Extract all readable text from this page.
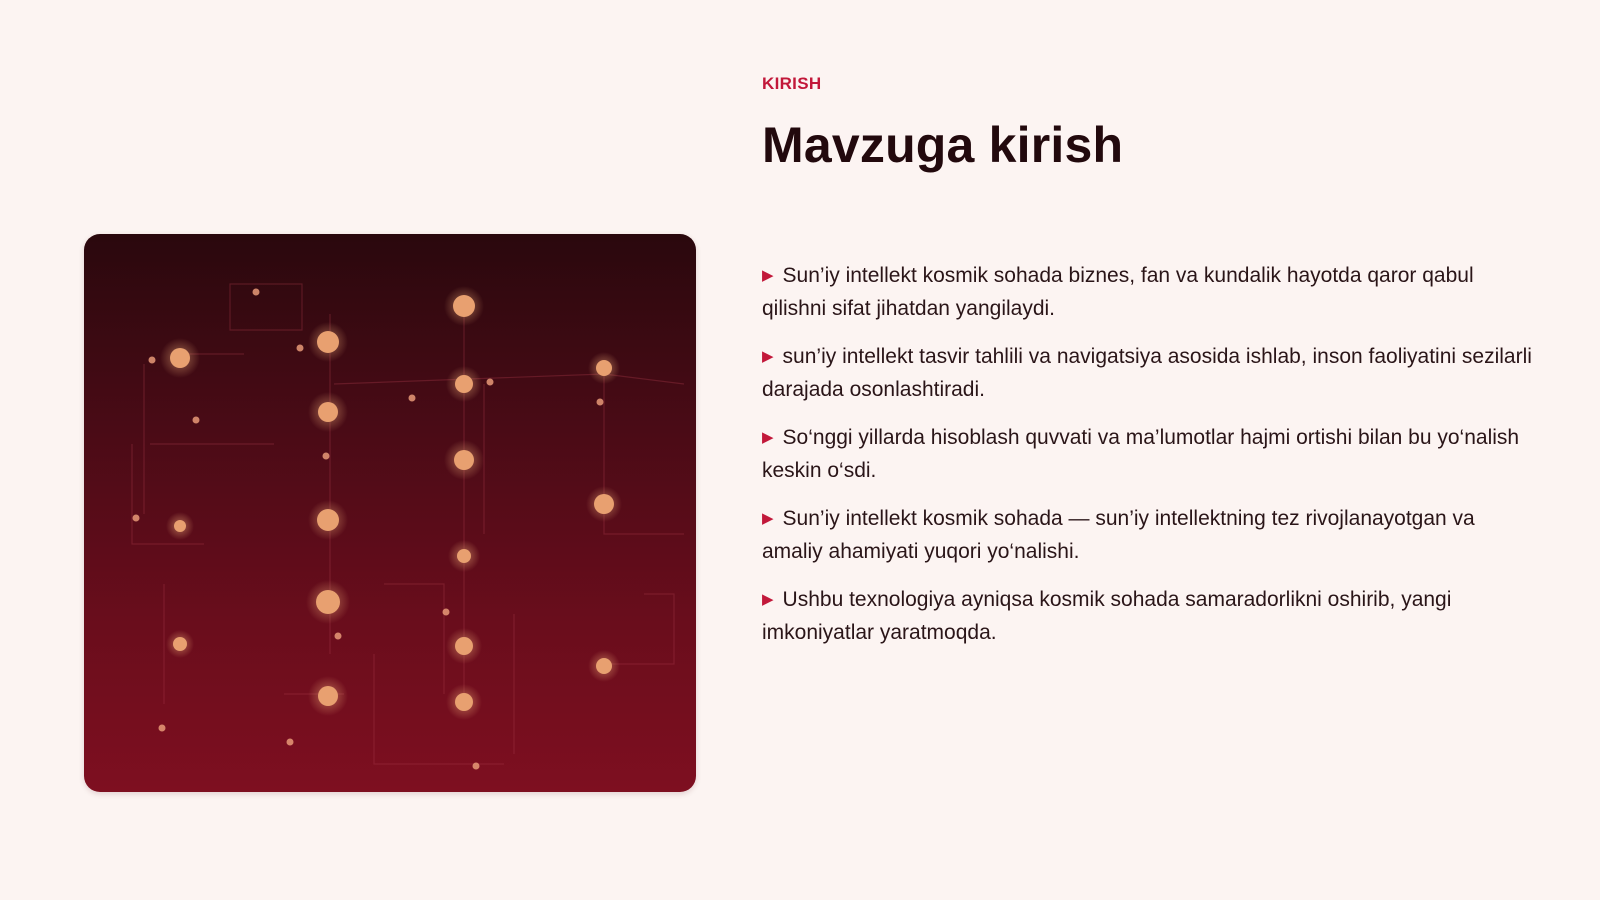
KIRISH
Mavzuga kirish
▶ Sun’iy intellekt kosmik sohada biznes, fan va kundalik hayotda qaror qabul qilishni sifat jihatdan yangilaydi.
▶ sun’iy intellekt tasvir tahlili va navigatsiya asosida ishlab, inson faoliyatini sezilarli darajada osonlashtiradi.
▶ So‘nggi yillarda hisoblash quvvati va ma’lumotlar hajmi ortishi bilan bu yo‘nalish keskin o‘sdi.
▶ Sun’iy intellekt kosmik sohada — sun’iy intellektning tez rivojlanayotgan va amaliy ahamiyati yuqori yo‘nalishi.
▶ Ushbu texnologiya ayniqsa kosmik sohada samaradorlikni oshirib, yangi imkoniyatlar yaratmoqda.
